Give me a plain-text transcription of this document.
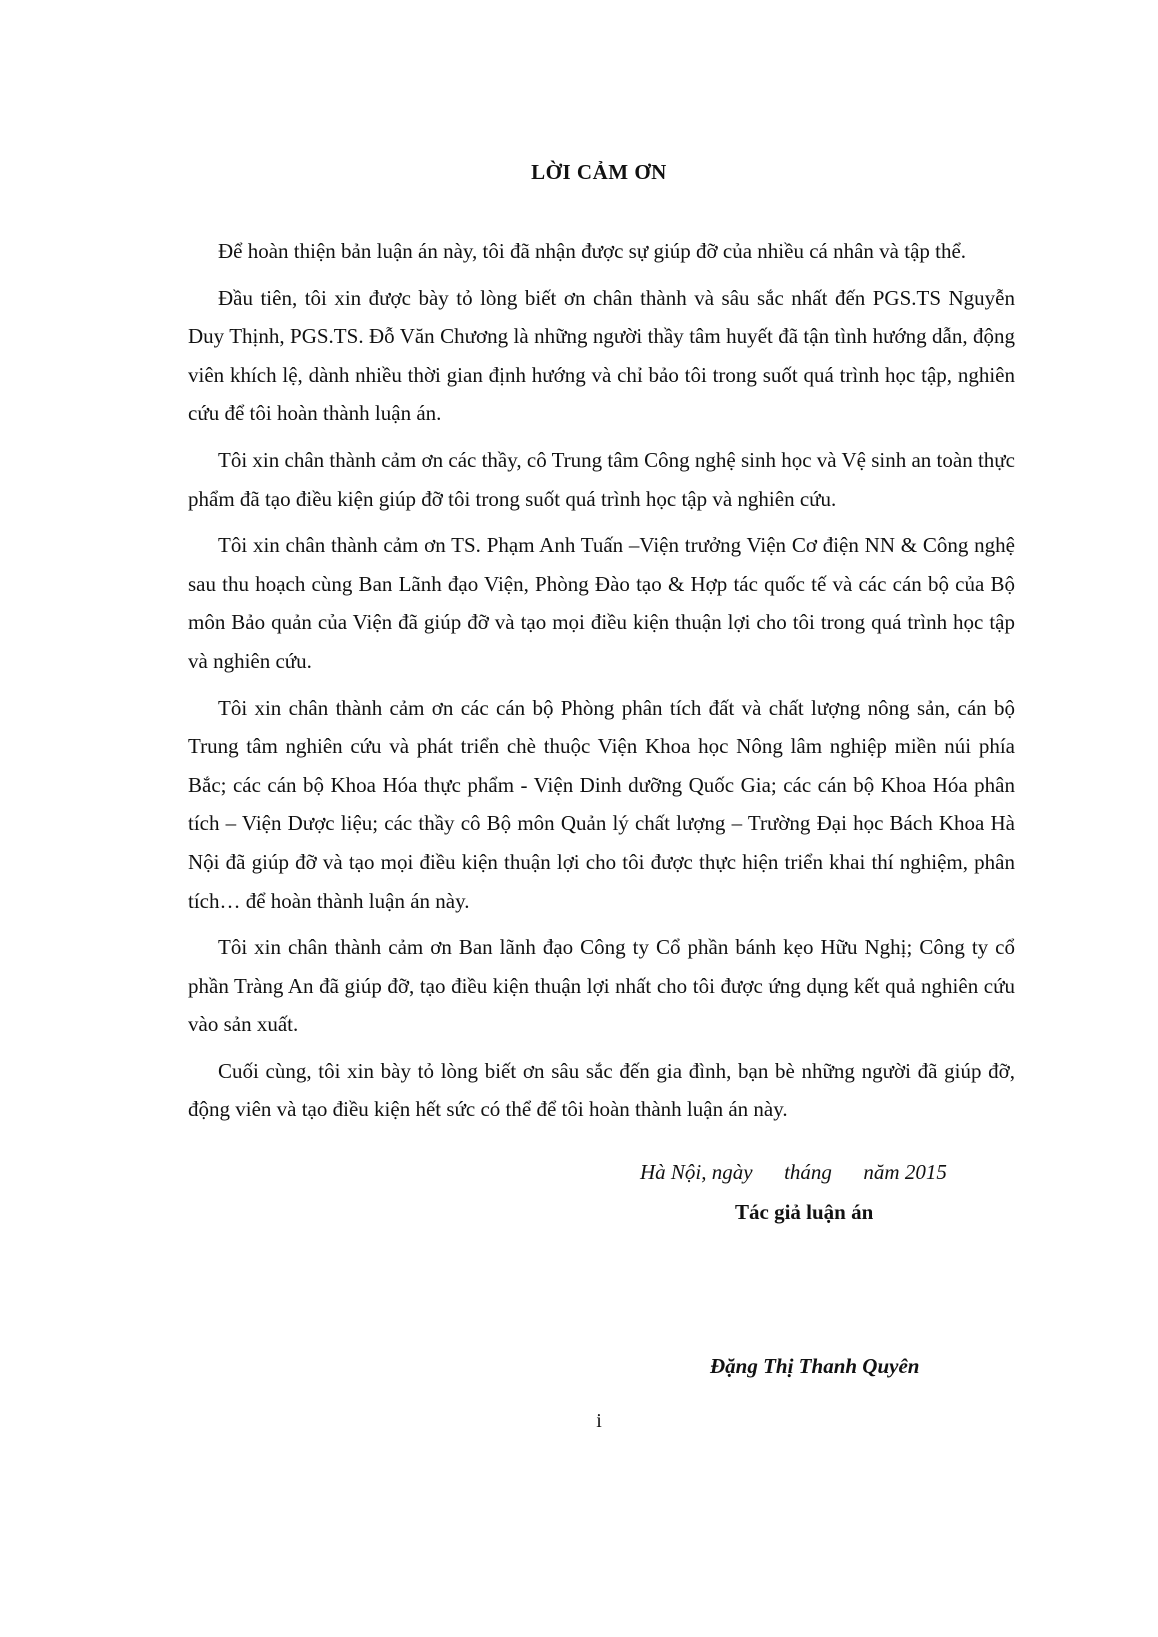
LỜI CẢM ƠN

Để hoàn thiện bản luận án này, tôi đã nhận được sự giúp đỡ của nhiều cá nhân và tập thể.

Đầu tiên, tôi xin được bày tỏ lòng biết ơn chân thành và sâu sắc nhất đến PGS.TS Nguyễn Duy Thịnh, PGS.TS. Đỗ Văn Chương là những người thầy tâm huyết đã tận tình hướng dẫn, động viên khích lệ, dành nhiều thời gian định hướng và chỉ bảo tôi trong suốt quá trình học tập, nghiên cứu để tôi hoàn thành luận án.

Tôi xin chân thành cảm ơn các thầy, cô Trung tâm Công nghệ sinh học và Vệ sinh an toàn thực phẩm đã tạo điều kiện giúp đỡ tôi trong suốt quá trình học tập và nghiên cứu.

Tôi xin chân thành cảm ơn TS. Phạm Anh Tuấn –Viện trưởng Viện Cơ điện NN & Công nghệ sau thu hoạch cùng Ban Lãnh đạo Viện, Phòng Đào tạo & Hợp tác quốc tế và các cán bộ của Bộ môn Bảo quản của Viện đã giúp đỡ và tạo mọi điều kiện thuận lợi cho tôi trong quá trình học tập và nghiên cứu.

Tôi xin chân thành cảm ơn các cán bộ Phòng phân tích đất và chất lượng nông sản, cán bộ Trung tâm nghiên cứu và phát triển chè thuộc Viện Khoa học Nông lâm nghiệp miền núi phía Bắc; các cán bộ Khoa Hóa thực phẩm - Viện Dinh dưỡng Quốc Gia; các cán bộ Khoa Hóa phân tích – Viện Dược liệu; các thầy cô Bộ môn Quản lý chất lượng – Trường Đại học Bách Khoa Hà Nội đã giúp đỡ và tạo mọi điều kiện thuận lợi cho tôi được thực hiện triển khai thí nghiệm, phân tích… để hoàn thành luận án này.

Tôi xin chân thành cảm ơn Ban lãnh đạo Công ty Cổ phần bánh kẹo Hữu Nghị; Công ty cổ phần Tràng An đã giúp đỡ, tạo điều kiện thuận lợi nhất cho tôi được ứng dụng kết quả nghiên cứu vào sản xuất.

Cuối cùng, tôi xin bày tỏ lòng biết ơn sâu sắc đến gia đình, bạn bè những người đã giúp đỡ, động viên và tạo điều kiện hết sức có thể để tôi hoàn thành luận án này.

Hà Nội, ngày      tháng      năm 2015
Tác giả luận án
Đặng Thị Thanh Quyên
i
